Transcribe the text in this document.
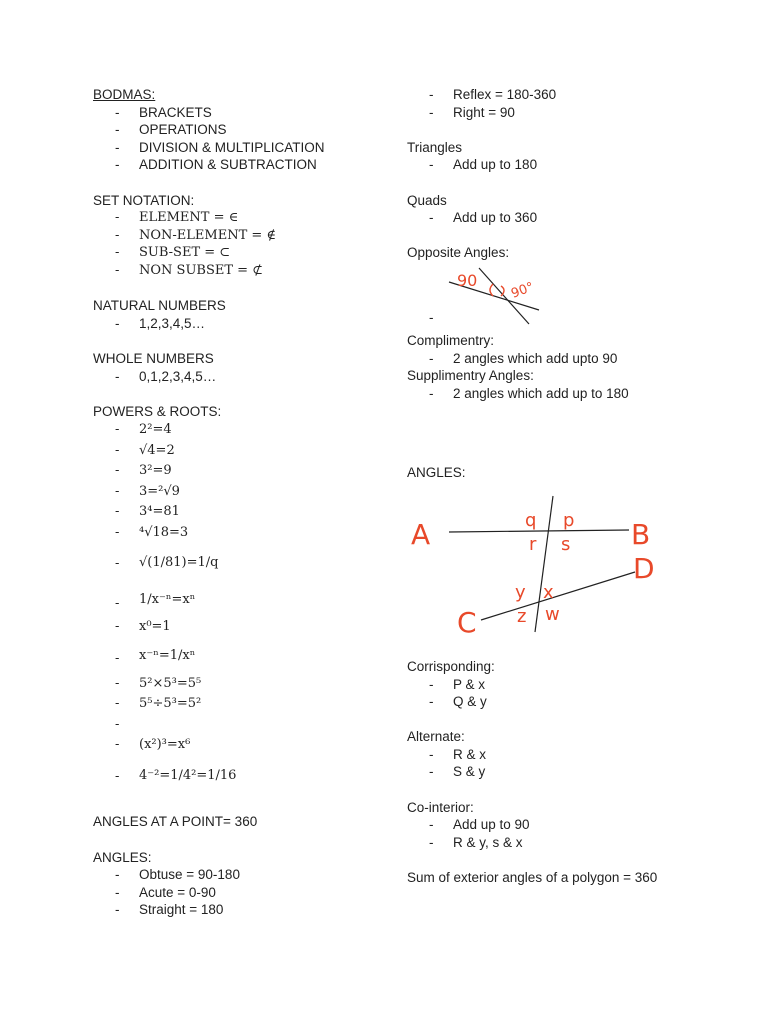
BODMAS:
- BRACKETS
- OPERATIONS
- DIVISION & MULTIPLICATION
- ADDITION & SUBTRACTION
SET NOTATION:
- ELEMENT = ∈
- NON-ELEMENT = ∉
- SUB-SET = ⊂
- NON SUBSET = ⊄
NATURAL NUMBERS
- 1,2,3,4,5…
WHOLE NUMBERS
- 0,1,2,3,4,5…
POWERS & ROOTS:
- 2²=4
- √4=2
- 3²=9
- 3=²√9
- 3⁴=81
- ⁴√18=3
- √(1/81)=1/q
- 1/x⁻ⁿ=xⁿ
- x⁰=1
- x⁻ⁿ=1/xⁿ
- 5²×5³=5⁵
- 5⁵÷5³=5²
-
- (x²)³=x⁶
- 4⁻²=1/4²=1/16
ANGLES AT A POINT= 360
ANGLES:
- Obtuse = 90-180
- Acute = 0-90
- Straight = 180
- Reflex = 180-360
- Right = 90
Triangles
- Add up to 180
Quads
- Add up to 360
Opposite Angles:
-
90 90°
Complimentry:
- 2 angles which add upto 90
Supplimentry Angles:
- 2 angles which add up to 180
ANGLES:
A	B
C
D
q p
r s
y x
z w
Corrisponding:
- P & x
- Q & y
Alternate:
- R & x
- S & y
Co-interior:
- Add up to 90
- R & y, s & x
Sum of exterior angles of a polygon = 360
